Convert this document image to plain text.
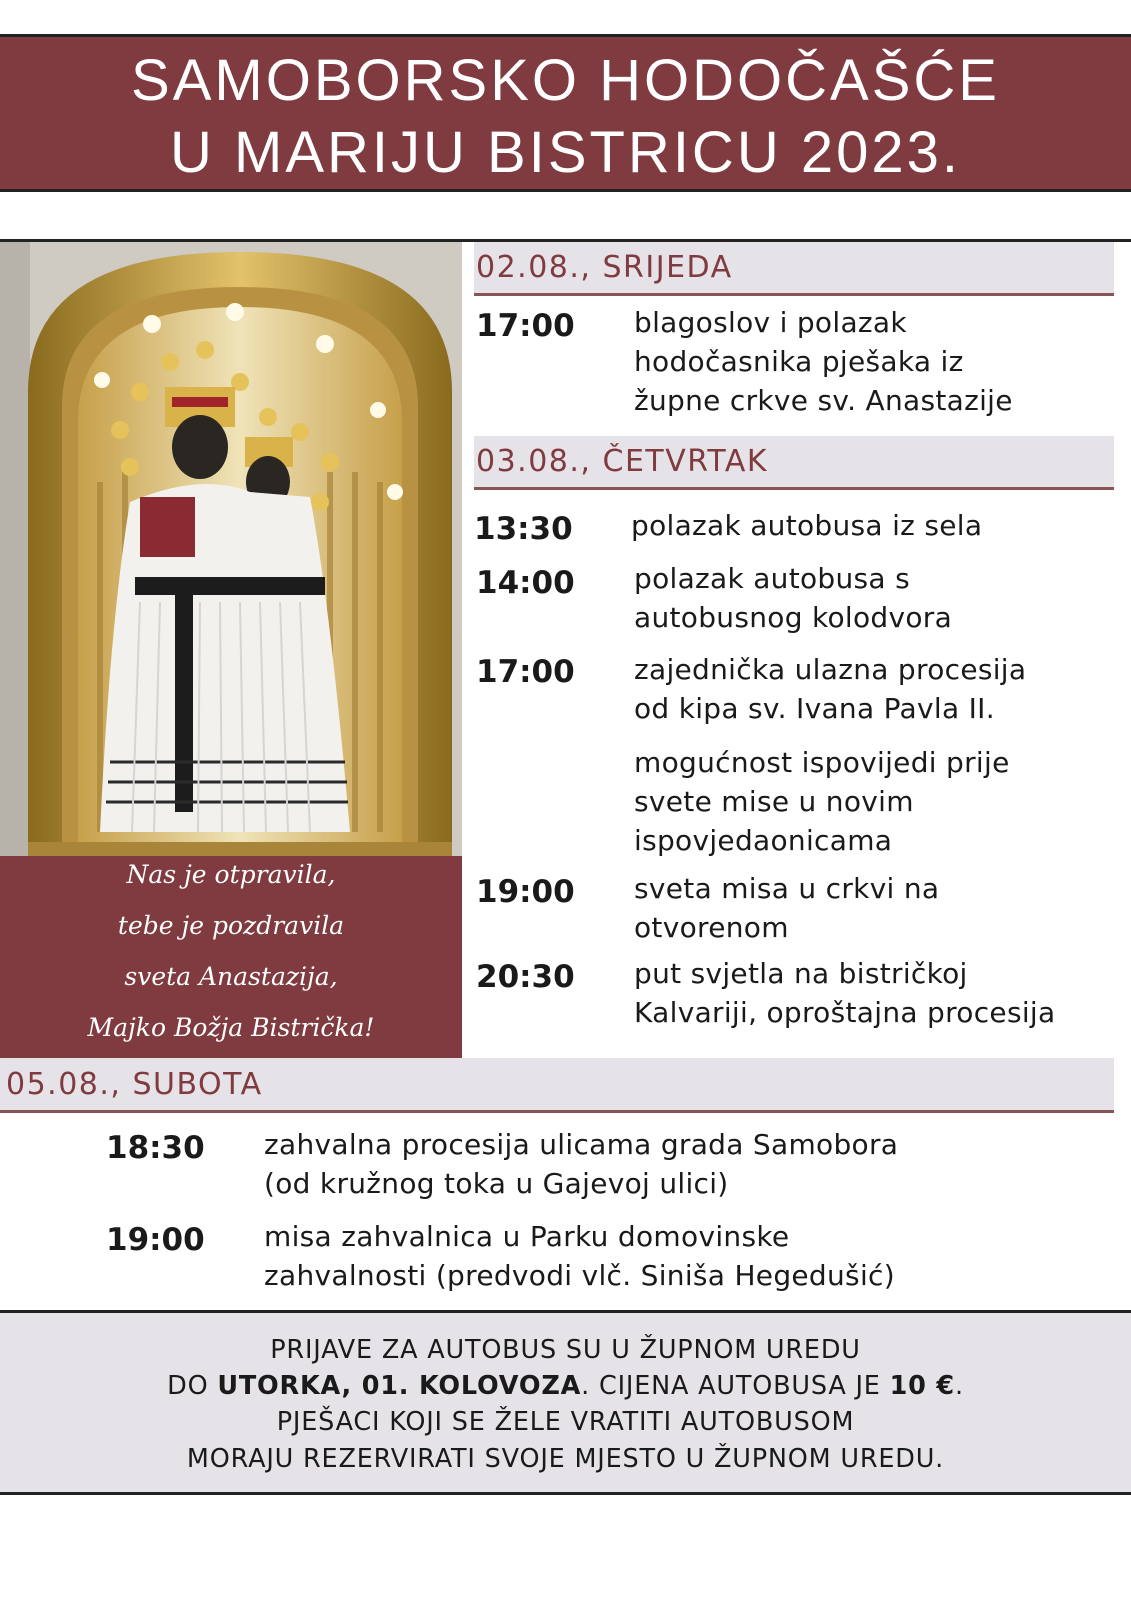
SAMOBORSKO HODOČAŠĆE
U MARIJU BISTRICU 2023.
Nas je otpravila,
tebe je pozdravila
sveta Anastazija,
Majko Božja Bistrička!
02.08., SRIJEDA
17:00 blagoslov i polazak
hodočasnika pješaka iz
župne crkve sv. Anastazije
03.08., ČETVRTAK
13:30 polazak autobusa iz sela
14:00 polazak autobusa s
autobusnog kolodvora
17:00 zajednička ulazna procesija
od kipa sv. Ivana Pavla II.
mogućnost ispovijedi prije
svete mise u novim
ispovjedaonicama
19:00 sveta misa u crkvi na
otvorenom
20:30 put svjetla na bistričkoj
Kalvariji, oproštajna procesija
05.08., SUBOTA
18:30 zahvalna procesija ulicama grada Samobora
(od kružnog toka u Gajevoj ulici)
19:00 misa zahvalnica u Parku domovinske
zahvalnosti (predvodi vlč. Siniša Hegedušić)
PRIJAVE ZA AUTOBUS SU U ŽUPNOM UREDU
DO UTORKA, 01. KOLOVOZA. CIJENA AUTOBUSA JE 10 €.
PJEŠACI KOJI SE ŽELE VRATITI AUTOBUSOM
MORAJU REZERVIRATI SVOJE MJESTO U ŽUPNOM UREDU.
